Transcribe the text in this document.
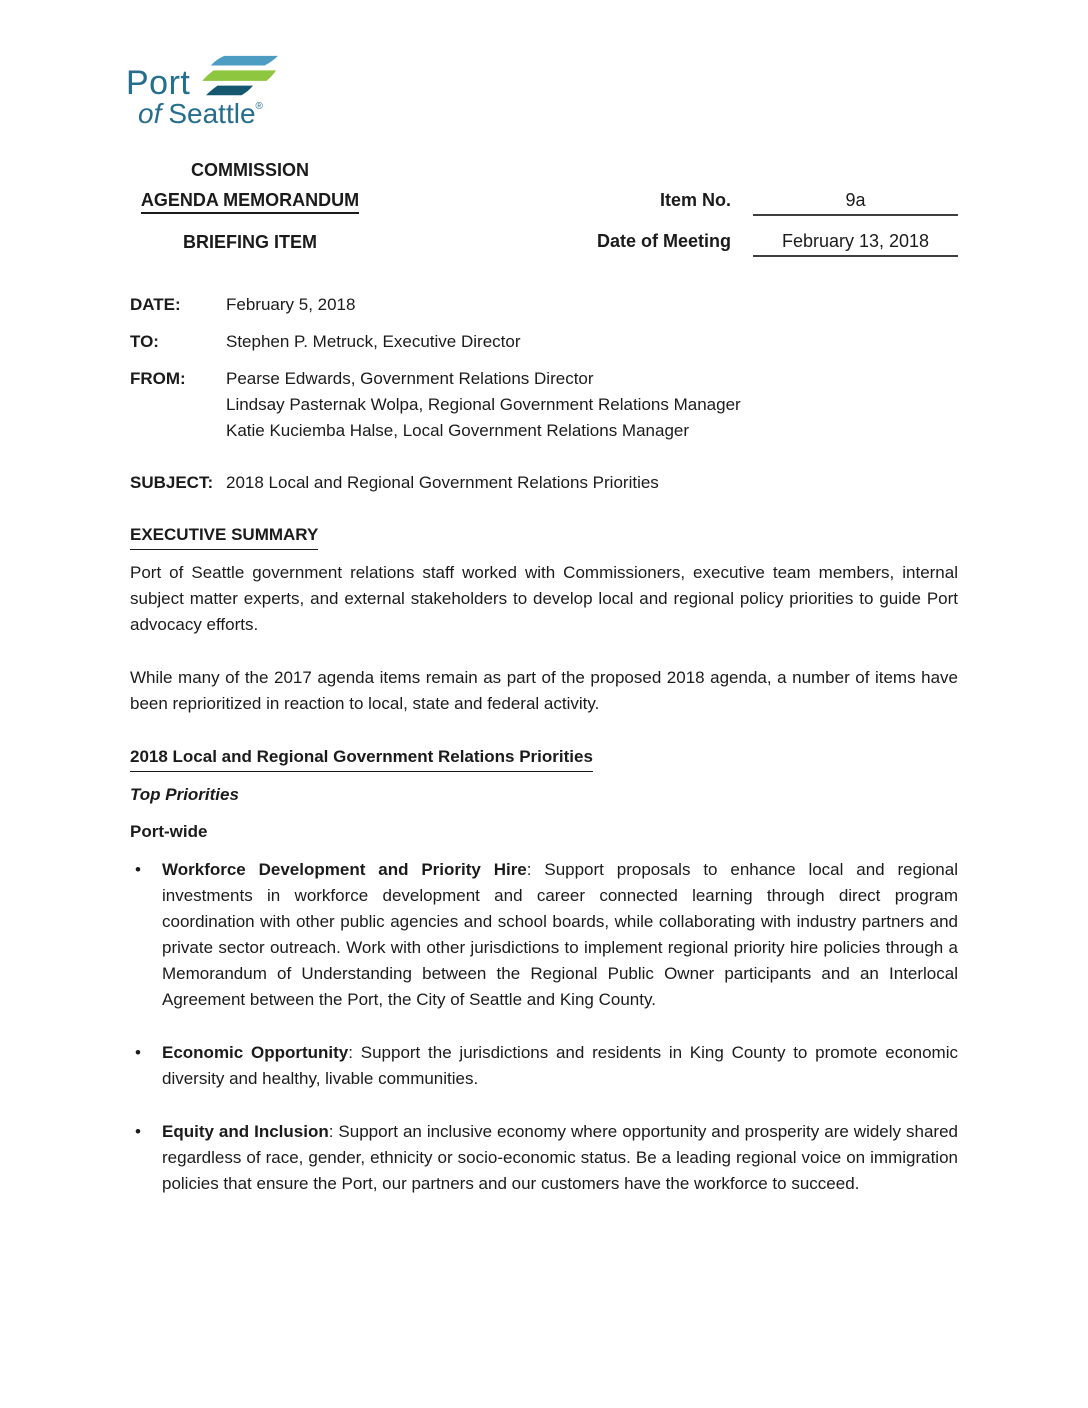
Port
of Seattle®
COMMISSION
AGENDA MEMORANDUM
BRIEFING ITEM
Item No.	9a
Date of Meeting	February 13, 2018
DATE:	February 5, 2018
TO:	Stephen P. Metruck, Executive Director
FROM:	Pearse Edwards, Government Relations Director
Lindsay Pasternak Wolpa, Regional Government Relations Manager
Katie Kuciemba Halse, Local Government Relations Manager
SUBJECT: 2018 Local and Regional Government Relations Priorities
EXECUTIVE SUMMARY

Port of Seattle government relations staff worked with Commissioners, executive team members, internal subject matter experts, and external stakeholders to develop local and regional policy priorities to guide Port advocacy efforts.

While many of the 2017 agenda items remain as part of the proposed 2018 agenda, a number of items have been reprioritized in reaction to local, state and federal activity.

2018 Local and Regional Government Relations Priorities
Top Priorities
Port-wide
•	Workforce Development and Priority Hire: Support proposals to enhance local and regional investments in workforce development and career connected learning through direct program coordination with other public agencies and school boards, while collaborating with industry partners and private sector outreach. Work with other jurisdictions to implement regional priority hire policies through a Memorandum of Understanding between the Regional Public Owner participants and an Interlocal Agreement between the Port, the City of Seattle and King County.
•	Economic Opportunity: Support the jurisdictions and residents in King County to promote economic diversity and healthy, livable communities.
•	Equity and Inclusion: Support an inclusive economy where opportunity and prosperity are widely shared regardless of race, gender, ethnicity or socio-economic status. Be a leading regional voice on immigration policies that ensure the Port, our partners and our customers have the workforce to succeed.
